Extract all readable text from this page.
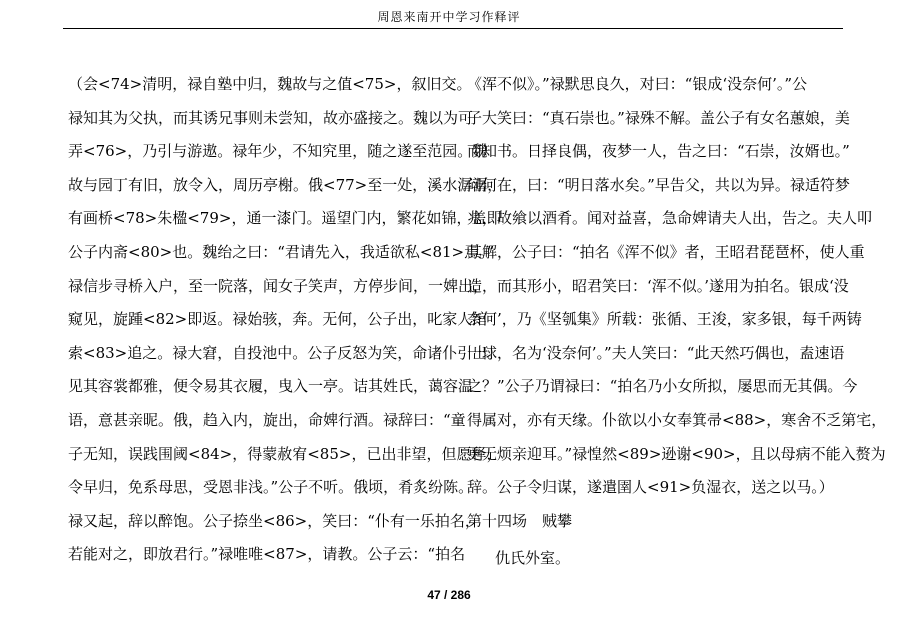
周恩来南开中学习作释评
（会<74>清明，禄自塾中归，魏故与之值<75>，叙旧交。
禄知其为父执，而其诱兄事则未尝知，故亦盛接之。魏以为可
弄<76>，乃引与游遨。禄年少，不知究里，随之遂至范园。魏
故与园丁有旧，放令入，周历亭榭。俄<77>至一处，溪水潺潺，
有画桥<78>朱楹<79>，通一漆门。遥望门内，繁花如锦，盖即
公子内斋<80>也。魏绐之曰：“君请先入，我适欲私<81>焉。”
禄信步寻桥入户，至一院落，闻女子笑声，方停步间，一婢出，
窥见，旋踵<82>即返。禄始骇，奔。无何，公子出，叱家人绾
索<83>追之。禄大窘，自投池中。公子反怒为笑，命诸仆引出。
见其容裳都雅，便令易其衣履，曳入一亭。诘其姓氏，蔼容温
语，意甚亲昵。俄，趋入内，旋出，命婢行酒。禄辞曰：“童
子无知，误践围阈<84>，得蒙赦宥<85>，已出非望，但愿释，
令早归，免系母思，受恩非浅。”公子不听。俄顷，肴炙纷陈。
禄又起，辞以醉饱。公子捺坐<86>，笑曰：“仆有一乐拍名，
若能对之，即放君行。”禄唯唯<87>，请教。公子云：“拍名
《浑不似》。”禄默思良久，对曰：“银成‘没奈何’。”公
子大笑曰：“真石崇也。”禄殊不解。盖公子有女名蕙娘，美
而知书。日择良偶，夜梦一人，告之曰：“石崇，汝婿也。”
问何在，曰：“明日落水矣。”早告父，共以为异。禄适符梦
兆，故飨以酒肴。闻对益喜，急命婢请夫人出，告之。夫人叩
其解，公子曰：“拍名《浑不似》者，王昭君琵琶杯，使人重
造，而其形小，昭君笑曰：‘浑不似。’遂用为拍名。银成‘没
奈何’，乃《坚瓠集》所载：张循、王浚，家多银，每千两铸
一球，名为‘没奈何’。”夫人笑曰：“此天然巧偶也，盍速语
之？”公子乃谓禄曰：“拍名乃小女所拟，屡思而无其偶。今
得属对，亦有天缘。仆欲以小女奉箕帚<88>，寒舍不乏第宅，
更无烦亲迎耳。”禄惶然<89>逊谢<90>，且以母病不能入赘为
辞。公子令归谋，遂遣圉人<91>负湿衣，送之以马。）
第十四场　贼攀
仇氏外室。
47 / 286
